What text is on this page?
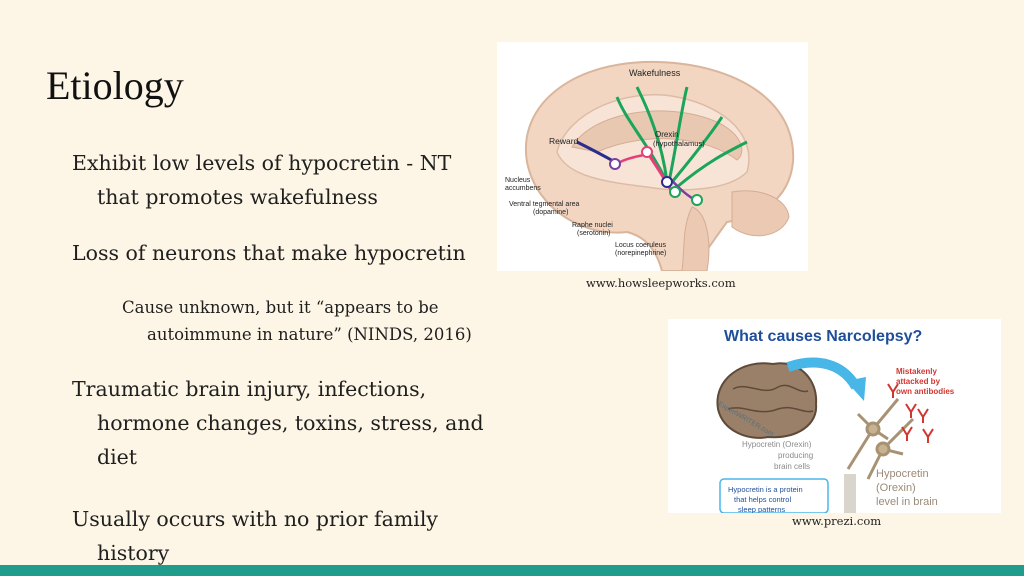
Etiology
Exhibit low levels of hypocretin - NT
that promotes wakefulness
Loss of neurons that make hypocretin
Cause unknown, but it “appears to be
autoimmune in nature” (NINDS, 2016)
Traumatic brain injury, infections,
hormone changes, toxins, stress, and
diet
Usually occurs with no prior family
history
Wakefulness
Reward
Orexin
(hypothalamus)
Nucleus
accumbens
Ventral tegmental area
(dopamine)
Raphe nuclei
(serotonin)
Locus coeruleus
(norepinephrine)
www.howsleepworks.com
What causes Narcolepsy?
ExpertWRITER.com
Mistakenly
attacked by
own antibodies
Hypocretin (Orexin)
producing
brain cells
Hypocretin
(Orexin)
level in brain
Hypocretin is a protein
that helps control
sleep patterns
www.prezi.com
